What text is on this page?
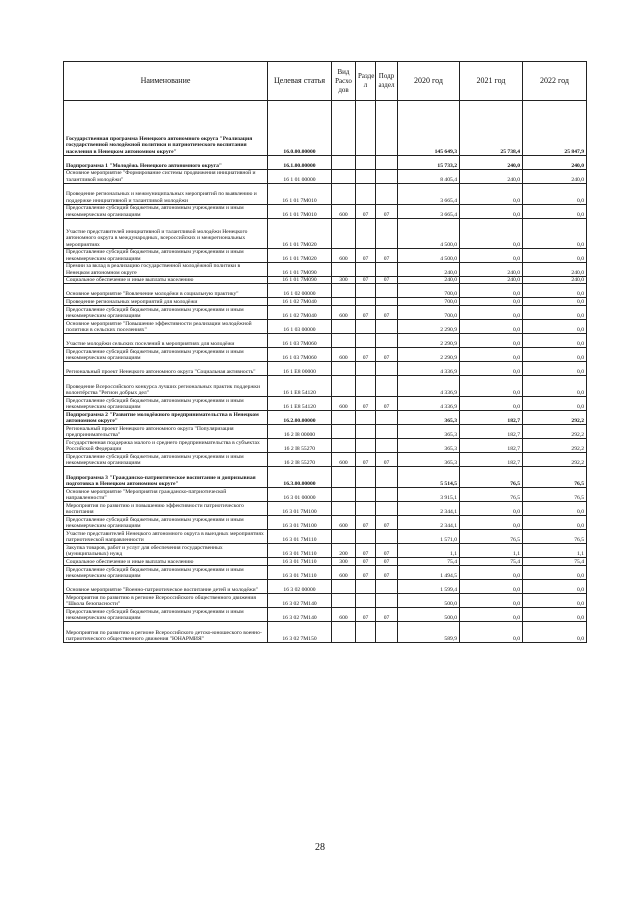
Наименование	Целевая статья	Вид Расхо дов	Разде л	Подр аздел	2020 год	2021 год	2022 год
Государственная программа Ненецкого автономного округа "Реализация государственной молодёжной политики и патриотического воспитания населения в Ненецком автономном округе"	16.0.00.00000				145 649,3	25 738,4	25 847,9
Подпрограмма 1 "Молодёжь Ненецкого автономного округа"	16.1.00.00000				15 733,2	240,0	240,0
Основное мероприятие "Формирование системы продвижения инициативной и талантливой молодёжи"	16 1 01 00000				8 405,4	240,0	240,0
Проведение региональных и межмуниципальных мероприятий по выявлению и поддержке инициативной и талантливой молодёжи	16 1 01 7М010				3 665,4	0,0	0,0
Предоставление субсидий бюджетным, автономным учреждениям и иным некоммерческим организациям	16 1 01 7М010	600	07	07	3 665,4	0,0	0,0
Участие представителей инициативной и талантливой молодёжи Ненецкого автономного округа в международных, всероссийских и межрегиональных мероприятиях	16 1 01 7М020				4 500,0	0,0	0,0
Предоставление субсидий бюджетным, автономным учреждениям и иным некоммерческим организациям	16 1 01 7М020	600	07	07	4 500,0	0,0	0,0
Премии за вклад в реализацию государственной молодёжной политики в Ненецком автономном округе	16 1 01 7М090				240,0	240,0	240,0
Социальное обеспечение и иные выплаты населению	16 1 01 7М090	300	07	07	240,0	240,0	240,0
Основное мероприятие "Вовлечение молодёжи в социальную практику"	16 1 02 00000				700,0	0,0	0,0
Проведение региональных мероприятий для молодёжи	16 1 02 7М040				700,0	0,0	0,0
Предоставление субсидий бюджетным, автономным учреждениям и иным некоммерческим организациям	16 1 02 7М040	600	07	07	700,0	0,0	0,0
Основное мероприятие "Повышение эффективности реализации молодёжной политики в сельских поселениях"	16 1 03 00000				2 290,9	0,0	0,0
Участие молодёжи сельских поселений в мероприятиях для молодёжи	16 1 03 7М060				2 290,9	0,0	0,0
Предоставление субсидий бюджетным, автономным учреждениям и иным некоммерческим организациям	16 1 03 7М060	600	07	07	2 290,9	0,0	0,0
Региональный проект Ненецкого автономного округа "Социальная активность"	16 1 Е8 00000				4 336,9	0,0	0,0
Проведение Всероссийского конкурса лучших региональных практик поддержки волонтёрства "Регион добрых дел"	16 1 Е8 54120				4 336,9	0,0	0,0
Предоставление субсидий бюджетным, автономным учреждениям и иным некоммерческим организациям	16 1 Е8 54120	600	07	07	4 336,9	0,0	0,0
Подпрограмма 2 "Развитие молодёжного предпринимательства в Ненецком автономном округе"	16.2.00.00000				365,3	182,7	292,2
Региональный проект Ненецкого автономного округа "Популяризация предпринимательства"	16 2 I8 00000				365,3	182,7	292,2
Государственная поддержка малого и среднего предпринимательства в субъектах Российской Федерации	16 2 I8 55270				365,3	182,7	292,2
Предоставление субсидий бюджетным, автономным учреждениям и иным некоммерческим организациям	16 2 I8 55270	600	07	07	365,3	182,7	292,2
Подпрограмма 3 "Гражданско-патриотическое воспитание и допризывная подготовка в Ненецком автономном округе"	16.3.00.00000				5 514,5	76,5	76,5
Основное мероприятие "Мероприятия гражданско-патриотической направленности"	16 3 01 00000				3 915,1	76,5	76,5
Мероприятия по развитию и повышению эффективности патриотического воспитания	16 3 01 7М100				2 344,1	0,0	0,0
Предоставление субсидий бюджетным, автономным учреждениям и иным некоммерческим организациям	16 3 01 7М100	600	07	07	2 344,1	0,0	0,0
Участие представителей Ненецкого автономного округа в выездных мероприятиях патриотической направленности	16 3 01 7М110				1 571,0	76,5	76,5
Закупка товаров, работ и услуг для обеспечения государственных (муниципальных) нужд	16 3 01 7М110	200	07	07	1,1	1,1	1,1
Социальное обеспечение и иные выплаты населению	16 3 01 7М110	300	07	07	75,4	75,4	75,4
Предоставление субсидий бюджетным, автономным учреждениям и иным некоммерческим организациям	16 3 01 7М110	600	07	07	1 494,5	0,0	0,0
Основное мероприятие "Военно-патриотическое воспитание детей и молодёжи"	16 3 02 00000				1 599,4	0,0	0,0
Мероприятия по развитию в регионе Всероссийского общественного движения "Школа безопасности"	16 3 02 7М140				500,0	0,0	0,0
Предоставление субсидий бюджетным, автономным учреждениям и иным некоммерческим организациям	16 3 02 7М140	600	07	07	500,0	0,0	0,0
Мероприятия по развитию в регионе Всероссийского детско-юношеского военно-патриотического общественного движения "ЮНАРМИЯ"	16 3 02 7М150				589,9	0,0	0,0
28
